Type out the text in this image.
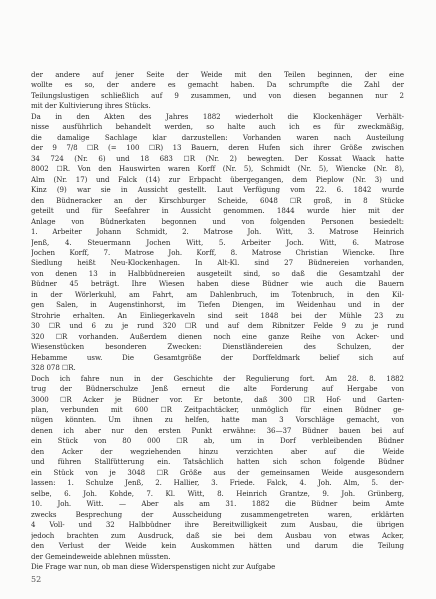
der andere auf jener Seite der Weide mit den Teilen beginnen, der eine
wollte es so, der andere es gemacht haben. Da schrumpfte die Zahl der
Teilungslustigen schließlich auf 9 zusammen, und von diesen begannen nur 2
mit der Kultivierung ihres Stücks.
Da in den Akten des Jahres 1882 wiederholt die Klockenhäger Verhält-
nisse ausführlich behandelt werden, so halte auch ich es für zweckmäßig,
die damalige Sachlage klar darzustellen: Vorhanden waren nach Austeilung
der 9 7/8 ☐R (= 100 ☐R) 13 Bauern, deren Hufen sich ihrer Größe zwischen
34 724 (Nr. 6) und 18 683 ☐R (Nr. 2) bewegten. Der Kossat Waack hatte
8002 ☐R. Von den Hauswirten waren Korff (Nr. 5), Schmidt (Nr. 5), Wiencke (Nr. 8),
Alm (Nr. 17) und Falck (14) zur Erbpacht übergegangen, dem Pieplow (Nr. 3) und
Kinz (9) war sie in Aussicht gestellt. Laut Verfügung vom 22. 6. 1842 wurde
den Büdneracker an der Kirschburger Scheide, 6048 ☐R groß, in 8 Stücke
geteilt und für Seefahrer in Aussicht genommen. 1844 wurde hier mit der
Anlage von Büdnerkaten begonnen und von folgenden Personen besiedelt:
1. Arbeiter Johann Schmidt, 2. Matrose Joh. Witt, 3. Matrose Heinrich
Jenß, 4. Steuermann Jochen Witt, 5. Arbeiter Joch. Witt, 6. Matrose
Jochen Korff, 7. Matrose Joh. Korff, 8. Matrose Christian Wiencke. Ihre
Siedlung heißt Neu-Klockenhagen. In Alt-Kl. sind 27 Büdnereien vorhanden,
von denen 13 in Halbbüdnereien ausgeteilt sind, so daß die Gesamtzahl der
Büdner 45 beträgt. Ihre Wiesen haben diese Büdner wie auch die Bauern
in der Wörlerkuhl, am Fahrt, am Dahlenbruch, im Totenbruch, in den Kil-
gen Salen, in Augenstinhorst, im Tiefen Diengen, im Weidenhau und in der
Strohrie erhalten. An Einliegerkaveln sind seit 1848 bei der Mühle 23 zu
30 ☐R und 6 zu je rund 320 ☐R und auf dem Ribnitzer Felde 9 zu je rund
320 ☐R vorhanden. Außerdem dienen noch eine ganze Reihe von Acker- und
Wiesenstücken besonderen Zwecken: Dienstländereien des Schulzen, der
Hebamme usw. Die Gesamtgröße der Dorffeldmark belief sich auf
328 078 ☐R.
Doch ich fahre nun in der Geschichte der Regulierung fort. Am 28. 8. 1882
trug der Büdnerschulze Jenß erneut die alte Forderung auf Hergabe von
3000 ☐R Acker je Büdner vor. Er betonte, daß 300 ☐R Hof- und Garten-
plan, verbunden mit 600 ☐R Zeitpachtäcker, unmöglich für einen Büdner ge-
nügen könnten. Um ihnen zu helfen, hatte man 3 Vorschläge gemacht, von
denen ich aber nur den ersten Punkt erwähne: 36—37 Büdner bauen bei auf
ein Stück von 80 000 ☐R ab, um in Dorf verbleibenden Büdner
den Acker der wegziehenden hinzu verzichten aber auf die Weide
und führen Stallfütterung ein. Tatsächlich hatten sich schon folgende Büdner
ein Stück von je 3048 ☐R Größe aus der gemeinsamen Weide ausgesondern
lassen: 1. Schulze Jenß, 2. Hallier, 3. Friede. Falck, 4. Joh. Alm, 5. der-
selbe, 6. Joh. Kohde, 7. Kl. Witt, 8. Heinrich Grantze, 9. Joh. Grünberg,
10. Joh. Witt. — Aber als am 31. 1882 die Büdner beim Amte
zwecks Besprechung der Ausscheidung zusammengetreten waren, erklärten
4 Voll- und 32 Halbbüdner ihre Bereitwilligkeit zum Ausbau, die übrigen
jedoch brachten zum Ausdruck, daß sie bei dem Ausbau von etwas Acker,
den Verlust der Weide kein Auskommen hätten und darum die Teilung
der Gemeindeweide ablehnen müssten.
Die Frage war nun, ob man diese Widerspenstigen nicht zur Aufgabe
52
